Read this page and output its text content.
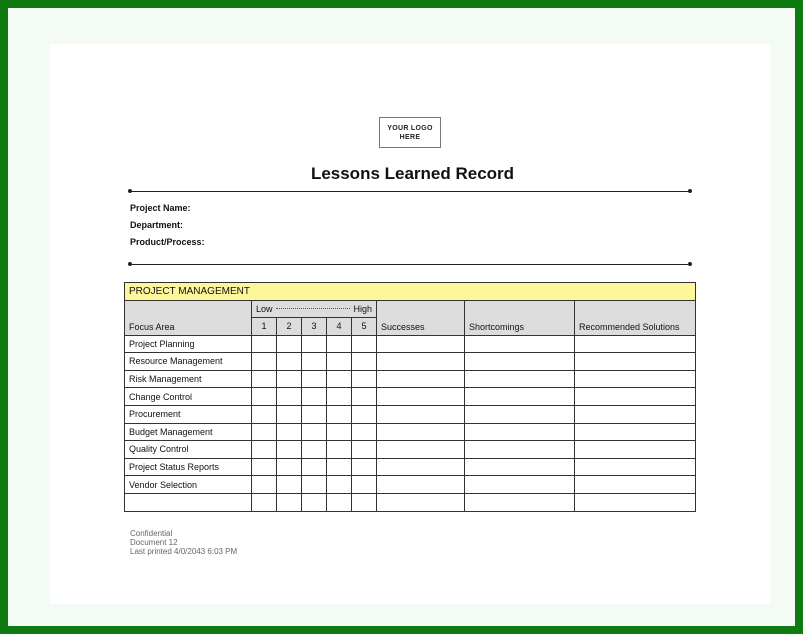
YOUR LOGO
HERE
Lessons Learned Record
Project Name:
Department:
Product/Process:
PROJECT MANAGEMENT								
Focus Area	Low High					Successes	Shortcomings	Recommended Solutions
	1	2	3	4	5			
Project Planning								
Resource Management								
Risk Management								
Change Control								
Procurement								
Budget Management								
Quality Control								
Project Status Reports								
Vendor Selection								

Confidential
Document 12
Last printed 4/0/2043 6:03 PM
